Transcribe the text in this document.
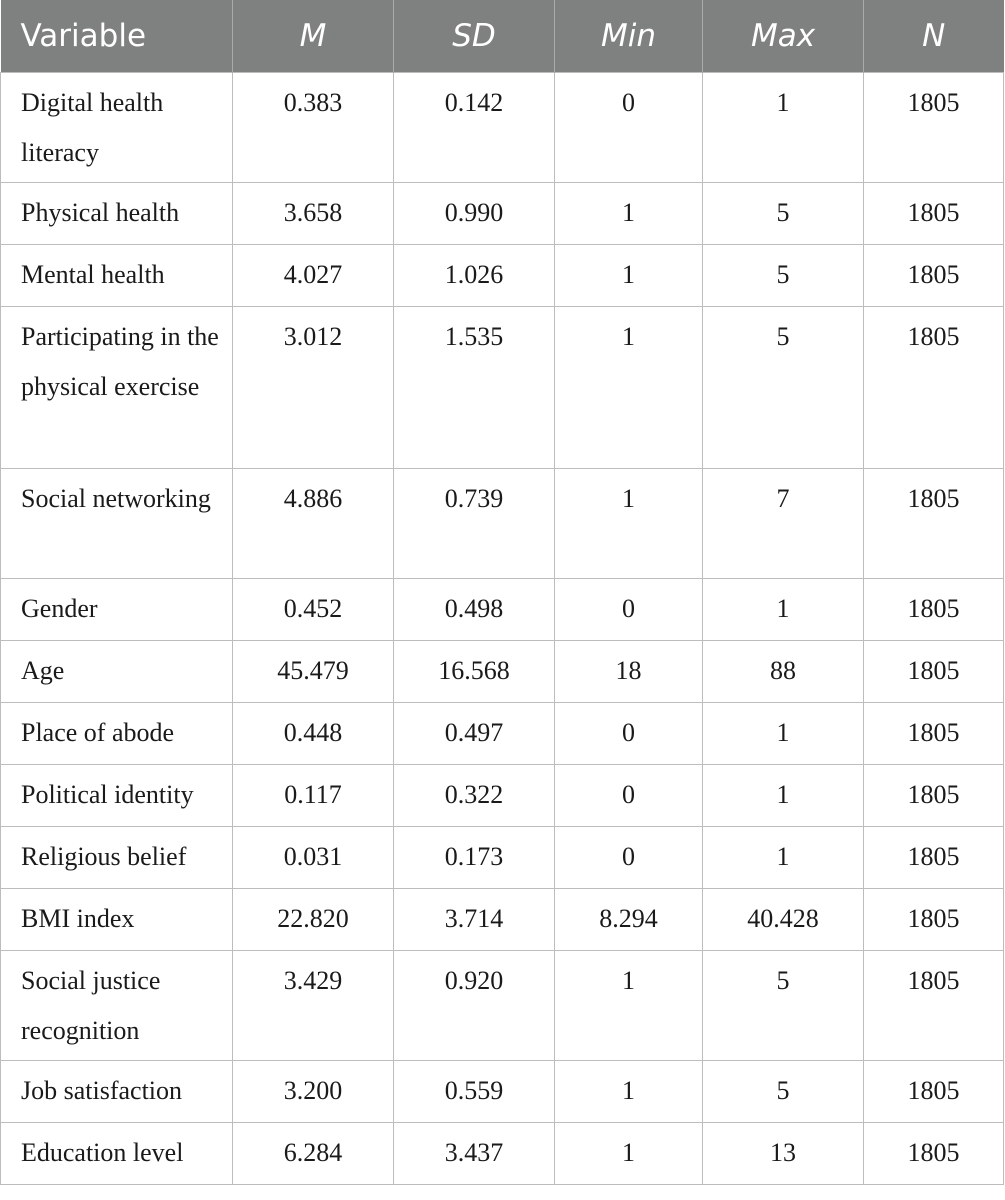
Variable	M	SD	Min	Max	N

Digital health literacy	0.383	0.142	0	1	1805

Physical health	3.658	0.990	1	5	1805

Mental health	4.027	1.026	1	5	1805

Participating in the physical exercise	3.012	1.535	1	5	1805

Social networking	4.886	0.739	1	7	1805

Gender	0.452	0.498	0	1	1805

Age	45.479	16.568	18	88	1805

Place of abode	0.448	0.497	0	1	1805

Political identity	0.117	0.322	0	1	1805

Religious belief	0.031	0.173	0	1	1805

BMI index	22.820	3.714	8.294	40.428	1805

Social justice recognition	3.429	0.920	1	5	1805

Job satisfaction	3.200	0.559	1	5	1805

Education level	6.284	3.437	1	13	1805
